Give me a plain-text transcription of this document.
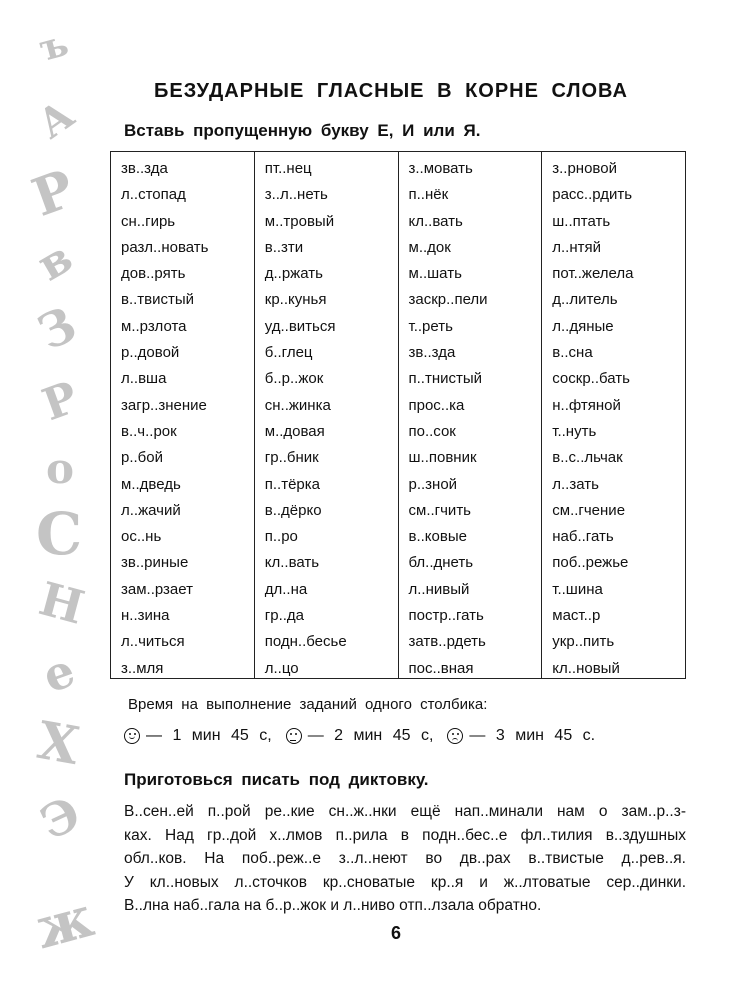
ъ
А
Р
в
З
Р
о
С
Н
е
Х
Э
ж
БЕЗУДАРНЫЕ ГЛАСНЫЕ В КОРНЕ СЛОВА
Вставь пропущенную букву Е, И или Я.
зв..зда
л..стопад
сн..гирь
разл..новать
дов..рять
в..твистый
м..рзлота
р..довой
л..вша
загр..знение
в..ч..рок
р..бой
м..дведь
л..жачий
ос..нь
зв..риные
зам..рзает
н..зина
л..читься
з..мля
пт..нец
з..л..неть
м..тровый
в..зти
д..ржать
кр..кунья
уд..виться
б..глец
б..р..жок
сн..жинка
м..довая
гр..бник
п..тёрка
в..дёрко
п..ро
кл..вать
дл..на
гр..да
подн..бесье
л..цо
з..мовать
п..нёк
кл..вать
м..док
м..шать
заскр..пели
т..реть
зв..зда
п..тнистый
прос..ка
по..сок
ш..повник
р..зной
см..гчить
в..ковые
бл..днеть
л..нивый
постр..гать
затв..рдеть
пос..вная
з..рновой
расс..рдить
ш..птать
л..нтяй
пот..желела
д..литель
л..дяные
в..сна
соскр..бать
н..фтяной
т..нуть
в..с..льчак
л..зать
см..гчение
наб..гать
поб..режье
т..шина
маст..р
укр..пить
кл..новый
Время на выполнение заданий одного столбика:
— 1 мин 45 с, — 2 мин 45 с, — 3 мин 45 с.
Приготовься писать под диктовку.
В..сен..ей п..рой ре..кие сн..ж..нки ещё нап..минали нам о зам..р..з-
ках. Над гр..дой х..лмов п..рила в подн..бес..е фл..тилия в..здушных
обл..ков. На поб..реж..е з..л..неют во дв..рах в..твистые д..рев..я.
У кл..новых л..сточков кр..сноватые кр..я и ж..лтоватые сер..динки.
В..лна наб..гала на б..р..жок и л..ниво отп..лзала обратно.
6
